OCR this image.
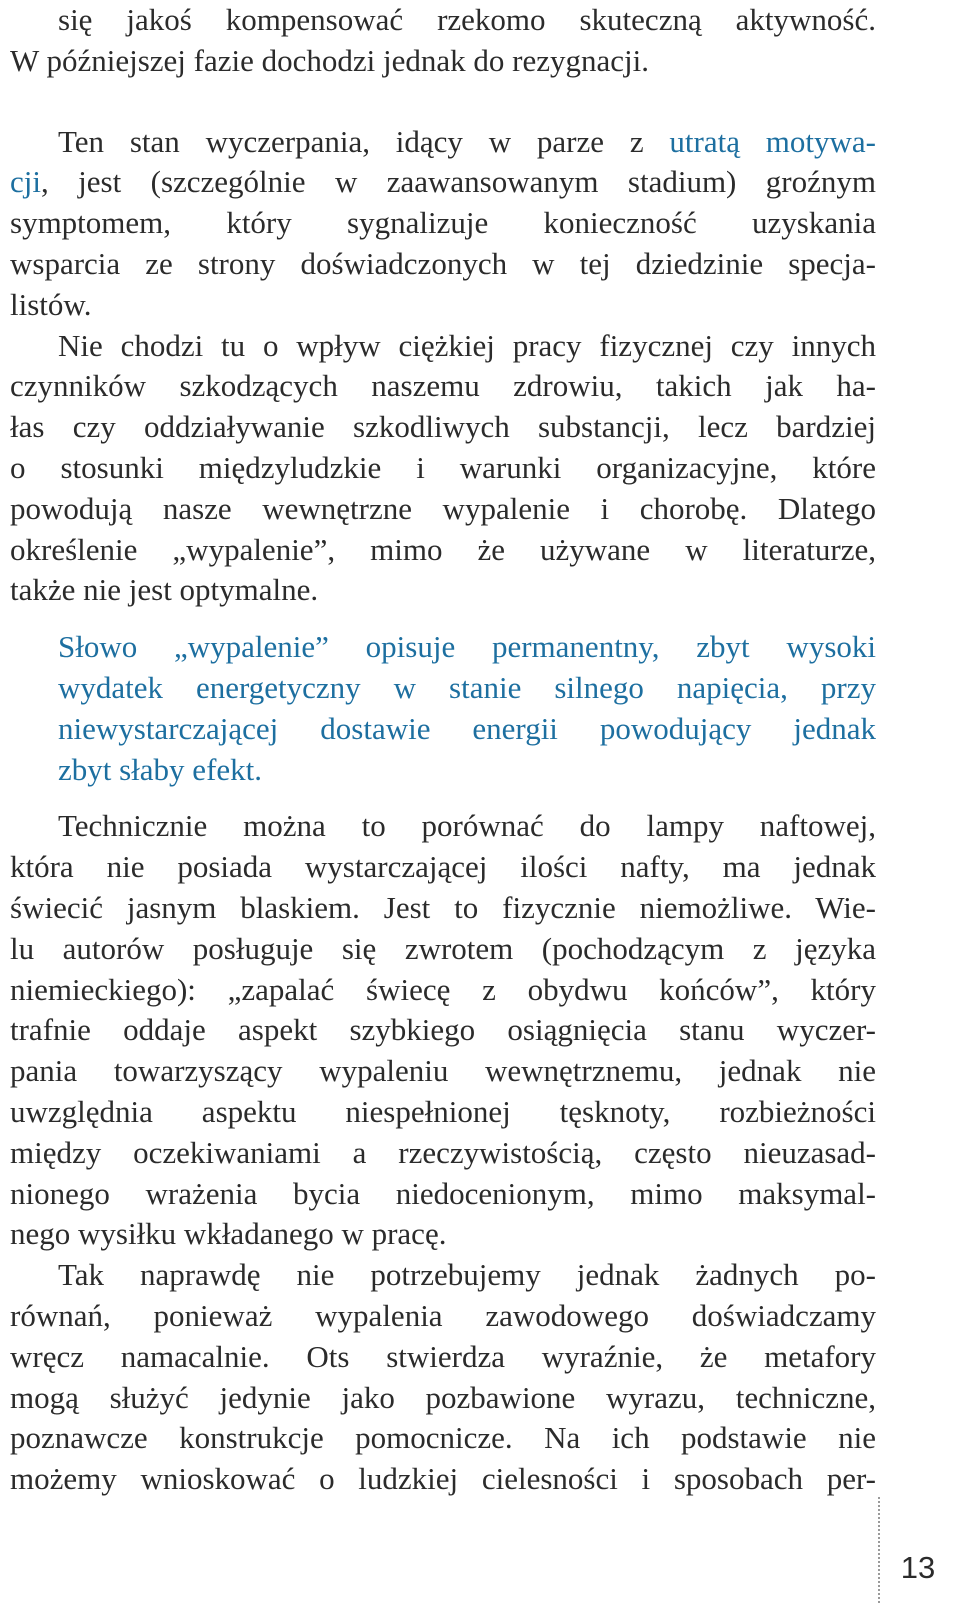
się jakoś kompensować rzekomo skuteczną aktywność.
W późniejszej fazie dochodzi jednak do rezygnacji.
Ten stan wyczerpania, idący w parze z utratą motywa-
cji, jest (szczególnie w zaawansowanym stadium) groźnym
symptomem, który sygnalizuje konieczność uzyskania
wsparcia ze strony doświadczonych w tej dziedzinie specja-
listów.
Nie chodzi tu o wpływ ciężkiej pracy fizycznej czy innych
czynników szkodzących naszemu zdrowiu, takich jak ha-
łas czy oddziaływanie szkodliwych substancji, lecz bardziej
o stosunki międzyludzkie i warunki organizacyjne, które
powodują nasze wewnętrzne wypalenie i chorobę. Dlatego
określenie „wypalenie”, mimo że używane w literaturze,
także nie jest optymalne.
Słowo „wypalenie” opisuje permanentny, zbyt wysoki
wydatek energetyczny w stanie silnego napięcia, przy
niewystarczającej dostawie energii powodujący jednak
zbyt słaby efekt.
Technicznie można to porównać do lampy naftowej,
która nie posiada wystarczającej ilości nafty, ma jednak
świecić jasnym blaskiem. Jest to fizycznie niemożliwe. Wie-
lu autorów posługuje się zwrotem (pochodzącym z języka
niemieckiego): „zapalać świecę z obydwu końców”, który
trafnie oddaje aspekt szybkiego osiągnięcia stanu wyczer-
pania towarzyszący wypaleniu wewnętrznemu, jednak nie
uwzględnia aspektu niespełnionej tęsknoty, rozbieżności
między oczekiwaniami a rzeczywistością, często nieuzasad-
nionego wrażenia bycia niedocenionym, mimo maksymal-
nego wysiłku wkładanego w pracę.
Tak naprawdę nie potrzebujemy jednak żadnych po-
równań, ponieważ wypalenia zawodowego doświadczamy
wręcz namacalnie. Ots stwierdza wyraźnie, że metafory
mogą służyć jedynie jako pozbawione wyrazu, techniczne,
poznawcze konstrukcje pomocnicze. Na ich podstawie nie
możemy wnioskować o ludzkiej cielesności i sposobach per-
13
